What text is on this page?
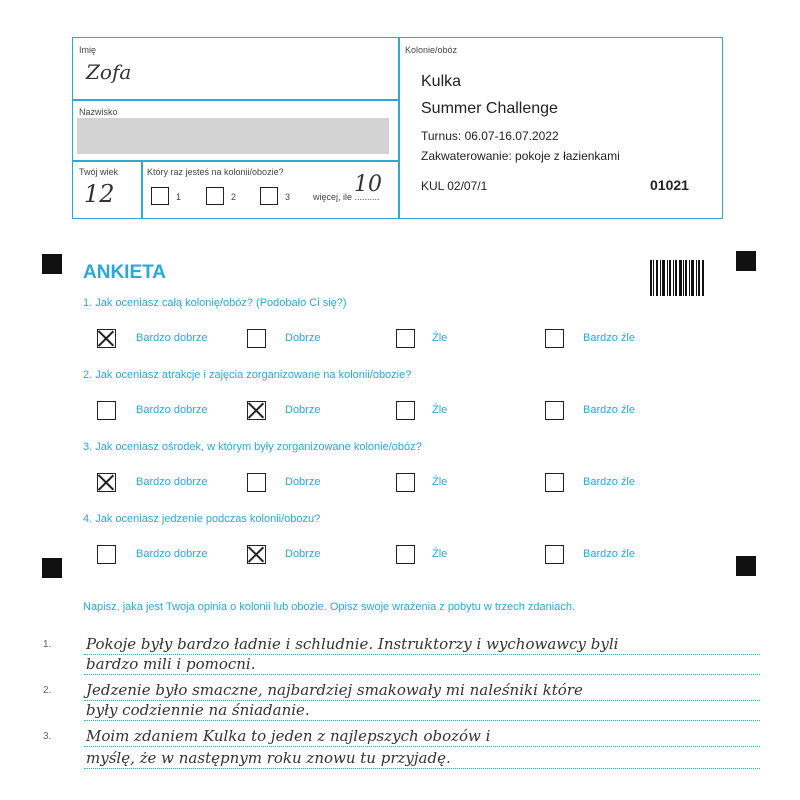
Imię
Zofa
Nazwisko
Twój wiek
12
Który raz jesteś na kolonii/obozie?
1	2	3	więcej, ile ..........
10
Kolonie/obóz
Kulka
Summer Challenge
Turnus: 06.07-16.07.2022
Zakwaterowanie: pokoje z łazienkami
KUL 02/07/1	01021
ANKIETA
1. Jak oceniasz całą kolonię/obóz? (Podobało Ci się?)
Bardzo dobrze	Dobrze	Źle	Bardzo źle
2. Jak oceniasz atrakcje i zajęcia zorganizowane na kolonii/obozie?
Bardzo dobrze	Dobrze	Źle	Bardzo źle
3. Jak oceniasz ośrodek, w którym były zorganizowane kolonie/obóz?
Bardzo dobrze	Dobrze	Źle	Bardzo źle
4. Jak oceniasz jedzenie podczas kolonii/obozu?
Bardzo dobrze	Dobrze	Źle	Bardzo źle
Napisz, jaka jest Twoja opinia o kolonii lub obozie. Opisz swoje wrażenia z pobytu w trzech zdaniach.
1. Pokoje były bardzo ładnie i schludnie. Instruktorzy i wychowawcy byli
bardzo mili i pomocni.
2. Jedzenie było smaczne, najbardziej smakowały mi naleśniki które
były codziennie na śniadanie.
3. Moim zdaniem Kulka to jeden z najlepszych obozów i
myślę, że w następnym roku znowu tu przyjadę.
